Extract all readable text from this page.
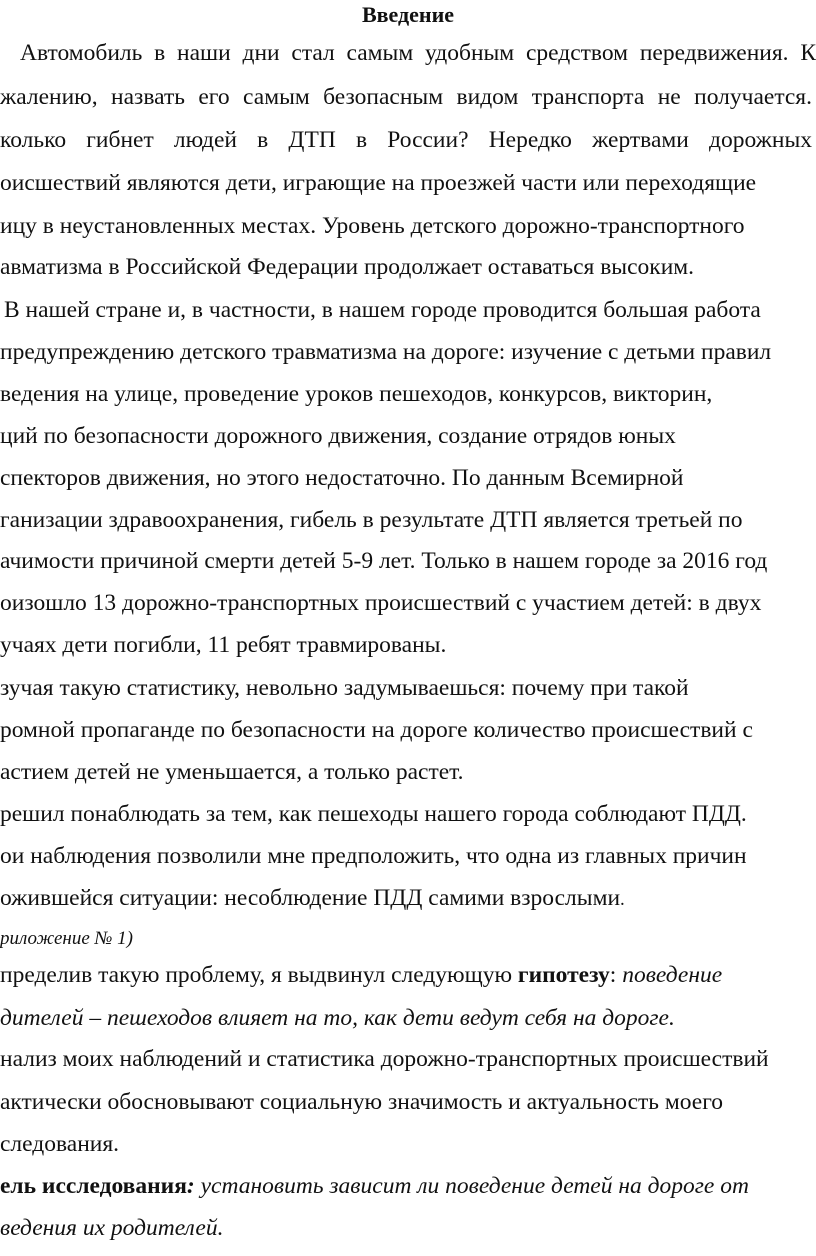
Введение
Автомобиль в наши дни стал самым удобным средством передвижения. К
жалению, назвать его самым безопасным видом транспорта не получается.
колько гибнет людей в ДТП в России? Нередко жертвами дорожных
оисшествий являются дети, играющие на проезжей части или переходящие
ицу в неустановленных местах. Уровень детского дорожно-транспортного
авматизма в Российской Федерации продолжает оставаться высоким.
В нашей стране и, в частности, в нашем городе проводится большая работа
предупреждению детского травматизма на дороге: изучение с детьми правил
ведения на улице, проведение уроков пешеходов, конкурсов, викторин,
ций по безопасности дорожного движения, создание отрядов юных
спекторов движения, но этого недостаточно. По данным Всемирной
ганизации здравоохранения, гибель в результате ДТП является третьей по
ачимости причиной смерти детей 5-9 лет. Только в нашем городе за 2016 год
оизошло 13 дорожно-транспортных происшествий с участием детей: в двух
учаях дети погибли, 11 ребят травмированы.
зучая такую статистику, невольно задумываешься: почему при такой
ромной пропаганде по безопасности на дороге количество происшествий с
астием детей не уменьшается, а только растет.
решил понаблюдать за тем, как пешеходы нашего города соблюдают ПДД.
ои наблюдения позволили мне предположить, что одна из главных причин
ожившейся ситуации: несоблюдение ПДД самими взрослыми.
риложение № 1)
пределив такую проблему, я выдвинул следующую гипотезу: поведение
дителей – пешеходов влияет на то, как дети ведут себя на дороге.
нализ моих наблюдений и статистика дорожно-транспортных происшествий
актически обосновывают социальную значимость и актуальность моего
следования.
ель исследования: установить зависит ли поведение детей на дороге от
ведения их родителей.
